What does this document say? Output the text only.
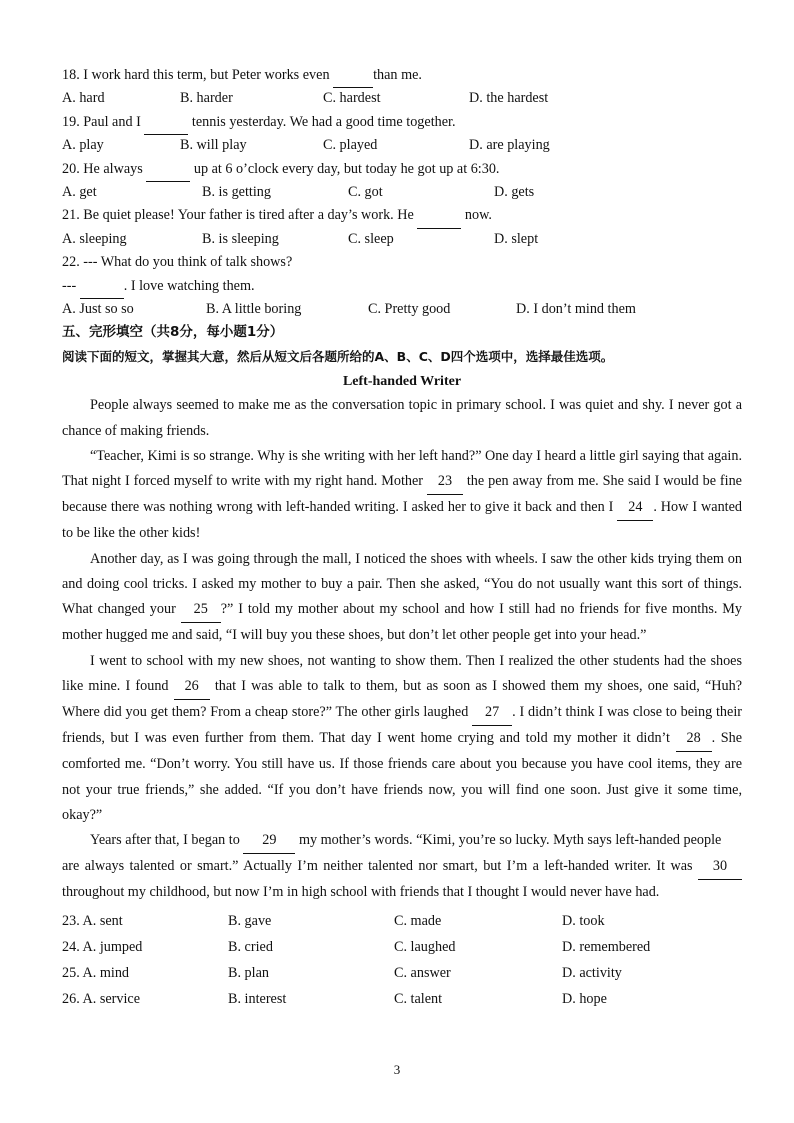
18. I work hard this term, but Peter works even	than me.
A. hard	B. harder	C. hardest	D. the hardest
19. Paul and I	tennis yesterday. We had a good time together.
A. play	B. will play	C. played	D. are playing
20. He always	up at 6 o’clock every day, but today he got up at 6:30.
A. get	B. is getting	C. got	D. gets
21. Be quiet please! Your father is tired after a day’s work. He	now.
A. sleeping	B. is sleeping	C. sleep	D. slept
22. --- What do you think of talk shows?
---	. I love watching them.
A. Just so so	B. A little boring	C. Pretty good	D. I don’t mind them
五、完形填空（共8分，每小题1分）
阅读下面的短文，掌握其大意，然后从短文后各题所给的A、B、C、D四个选项中，选择最佳选项。
Left-handed Writer
People always seemed to make me as the conversation topic in primary school. I was quiet and shy. I never got a chance of making friends.
“Teacher, Kimi is so strange. Why is she writing with her left hand?” One day I heard a little girl saying that again. That night I forced myself to write with my right hand. Mother 23 the pen away from me. She said I would be fine because there was nothing wrong with left-handed writing. I asked her to give it back and then I 24 . How I wanted to be like the other kids!
Another day, as I was going through the mall, I noticed the shoes with wheels. I saw the other kids trying them on and doing cool tricks. I asked my mother to buy a pair. Then she asked, “You do not usually want this sort of things. What changed your 25 ?” I told my mother about my school and how I still had no friends for five months. My mother hugged me and said, “I will buy you these shoes, but don’t let other people get into your head.”
I went to school with my new shoes, not wanting to show them. Then I realized the other students had the shoes like mine. I found 26 that I was able to talk to them, but as soon as I showed them my shoes, one said, “Huh? Where did you get them? From a cheap store?” The other girls laughed 27 . I didn’t think I was close to being their friends, but I was even further from them. That day I went home crying and told my mother it didn’t 28 . She comforted me. “Don’t worry. You still have us. If those friends care about you because you have cool items, they are not your true friends,” she added. “If you don’t have friends now, you will find one soon. Just give it some time, okay?”
Years after that, I began to 29 my mother’s words. “Kimi, you’re so lucky. Myth says left-handed people
are always talented or smart.” Actually I’m neither talented nor smart, but I’m a left-handed writer. It was 30 throughout my childhood, but now I’m in high school with friends that I thought I would never have had.
23. A. sent	B. gave	C. made	D. took
24. A. jumped	B. cried	C. laughed	D. remembered
25. A. mind	B. plan	C. answer	D. activity
26. A. service	B. interest	C. talent	D. hope
3
